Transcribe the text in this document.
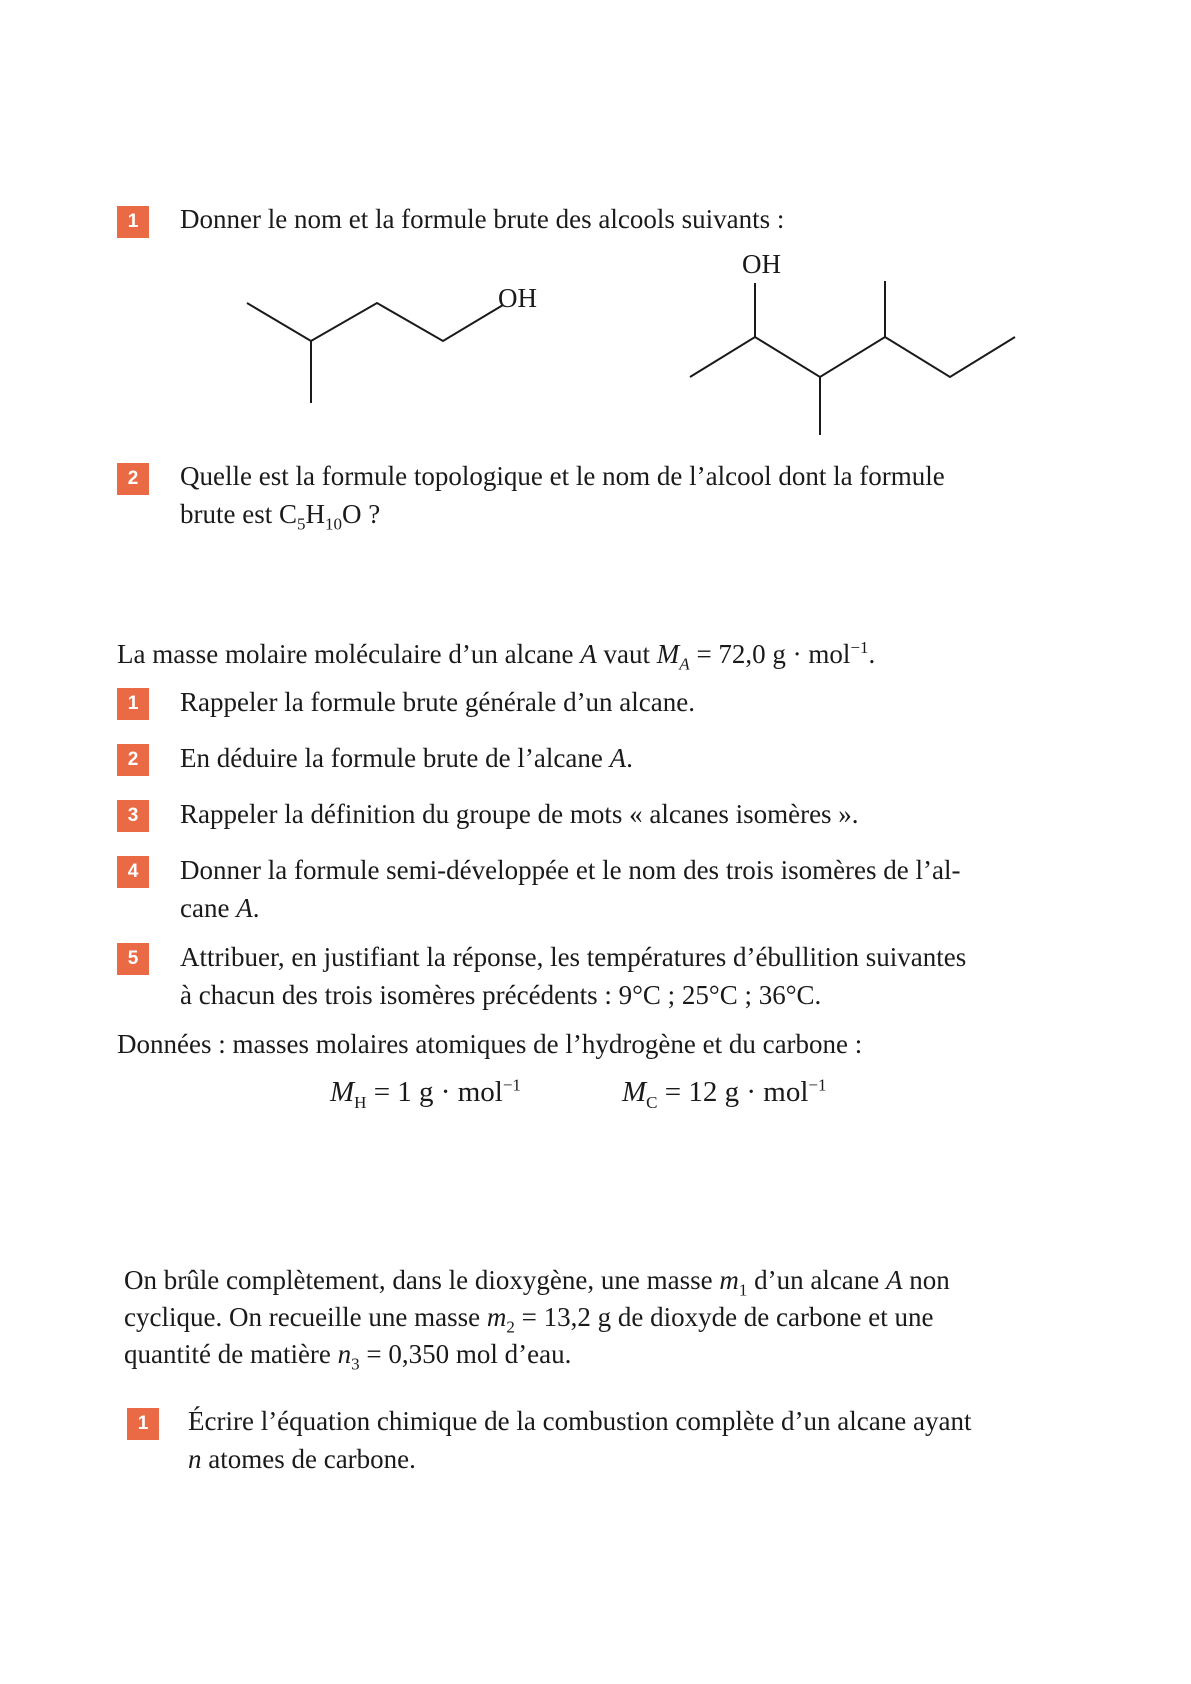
1	Donner le nom et la formule brute des alcools suivants :
OH
OH
2	Quelle est la formule topologique et le nom de l’alcool dont la formule
brute est $C_5H_{10}O$ ?
La masse molaire moléculaire d’un alcane A vaut $M_A = 72,0$ g · mol$^{-1}$.
1	Rappeler la formule brute générale d’un alcane.
2	En déduire la formule brute de l’alcane A.
3	Rappeler la définition du groupe de mots « alcanes isomères ».
4	Donner la formule semi-développée et le nom des trois isomères de l’al-
cane A.
5	Attribuer, en justifiant la réponse, les températures d’ébullition suivantes
à chacun des trois isomères précédents : 9°C ; 25°C ; 36°C.
Données : masses molaires atomiques de l’hydrogène et du carbone :
$M_H = 1$ g · mol$^{-1}$	$M_C = 12$ g · mol$^{-1}$
On brûle complètement, dans le dioxygène, une masse $m_1$ d’un alcane A non
cyclique. On recueille une masse $m_2 = 13,2$ g de dioxyde de carbone et une
quantité de matière $n_3 = 0,350$ mol d’eau.
1	Écrire l’équation chimique de la combustion complète d’un alcane ayant
n atomes de carbone.
